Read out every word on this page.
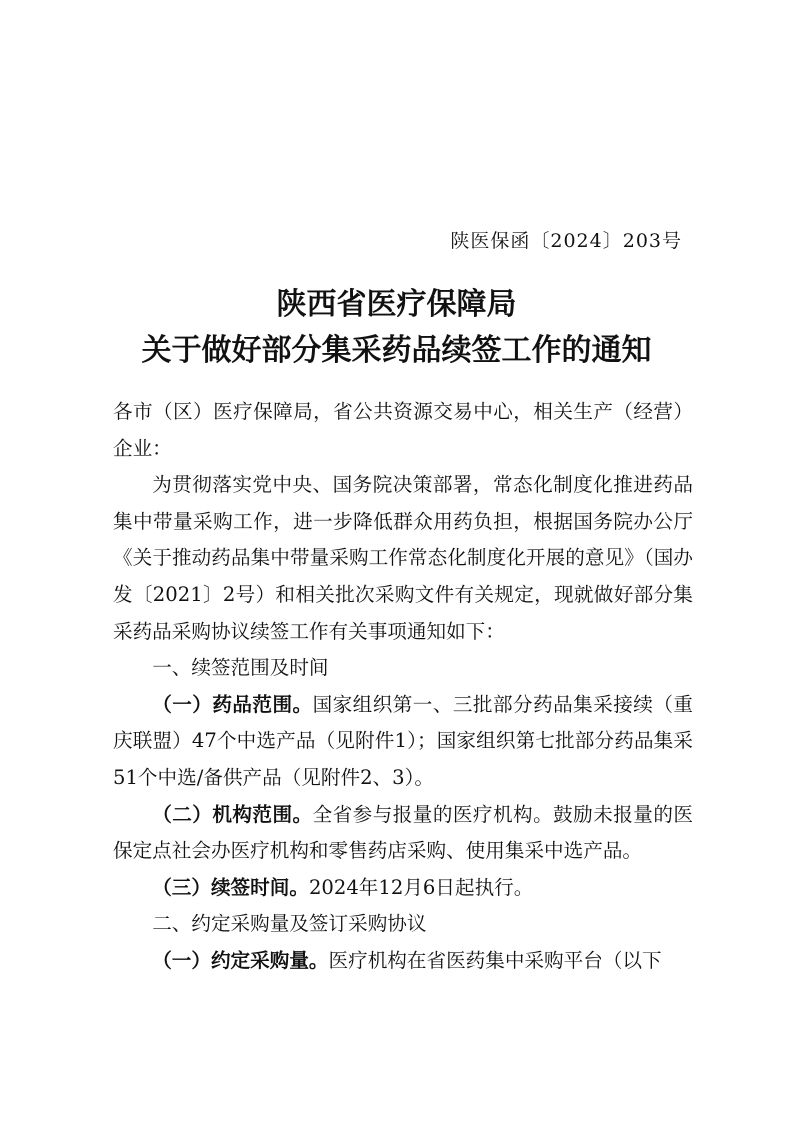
陕医保函〔2024〕203号
陕西省医疗保障局
关于做好部分集采药品续签工作的通知

各市（区）医疗保障局，省公共资源交易中心，相关生产（经营）企业：

为贯彻落实党中央、国务院决策部署，常态化制度化推进药品集中带量采购工作，进一步降低群众用药负担，根据国务院办公厅《关于推动药品集中带量采购工作常态化制度化开展的意见》（国办发〔2021〕2号）和相关批次采购文件有关规定，现就做好部分集采药品采购协议续签工作有关事项通知如下：

一、续签范围及时间

（一）药品范围。国家组织第一、三批部分药品集采接续（重庆联盟）47个中选产品（见附件1）；国家组织第七批部分药品集采51个中选/备供产品（见附件2、3）。

（二）机构范围。全省参与报量的医疗机构。鼓励未报量的医保定点社会办医疗机构和零售药店采购、使用集采中选产品。

（三）续签时间。2024年12月6日起执行。

二、约定采购量及签订采购协议

（一）约定采购量。医疗机构在省医药集中采购平台（以下
